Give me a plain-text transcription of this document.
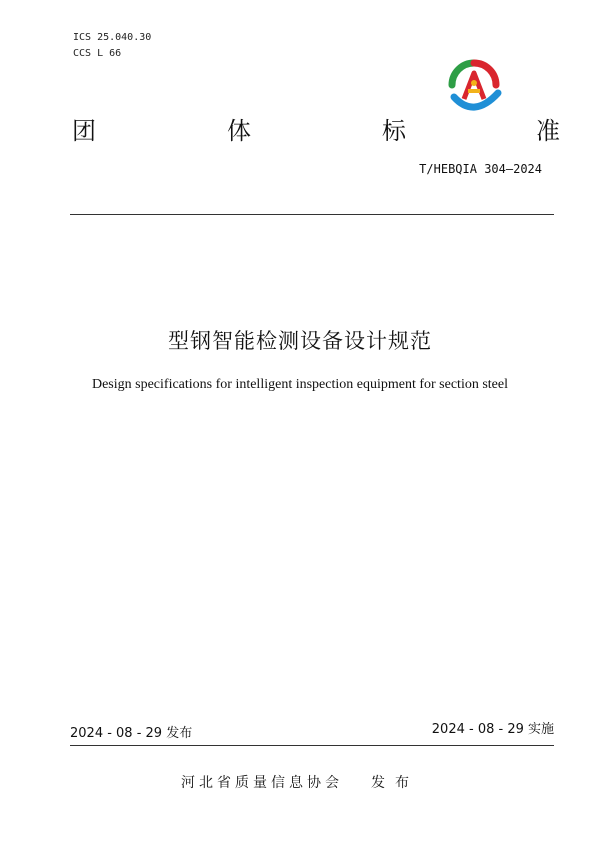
ICS 25.040.30
CCS L 66
团	体	标	准
T/HEBQIA 304—2024
型钢智能检测设备设计规范
Design specifications for intelligent inspection equipment for section steel
2024 - 08 - 29 发布	2024 - 08 - 29 实施
河北省质量信息协会 发布
